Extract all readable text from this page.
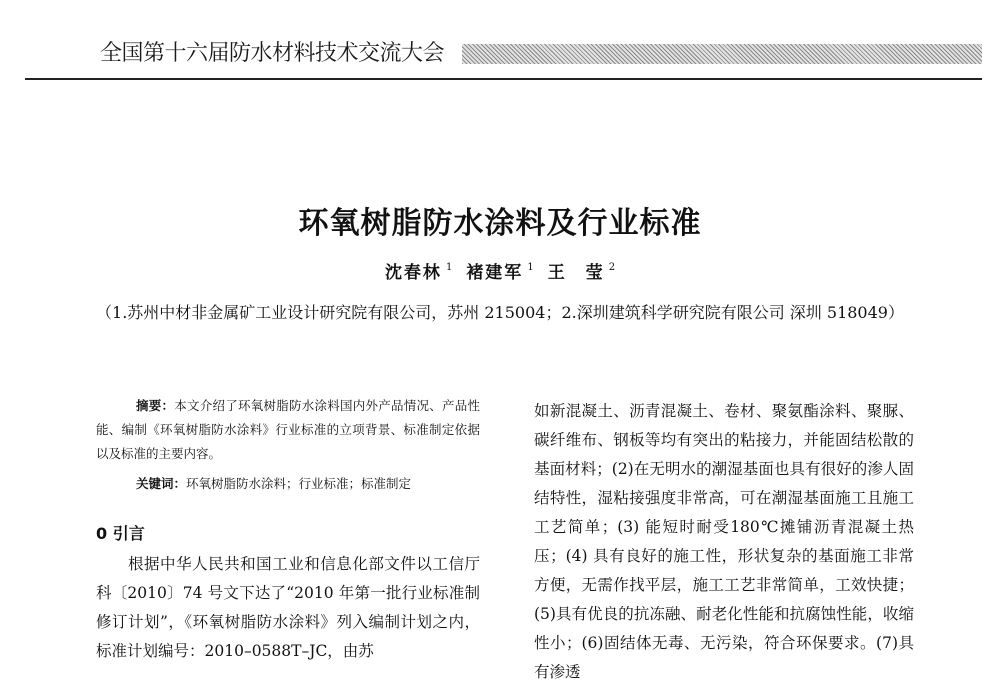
全国第十六届防水材料技术交流大会
环氧树脂防水涂料及行业标准
沈春林 $^1$ 褚建军 $^1$ 王　莹 $^2$
（1.苏州中材非金属矿工业设计研究院有限公司，苏州 215004；2.深圳建筑科学研究院有限公司 深圳 518049）

摘要：本文介绍了环氧树脂防水涂料国内外产品情况、产品性能、编制《环氧树脂防水涂料》行业标准的立项背景、标准制定依据以及标准的主要内容。

关键词：环氧树脂防水涂料；行业标准；标准制定

0 引言

根据中华人民共和国工业和信息化部文件以工信厅科〔2010〕74 号文下达了“2010 年第一批行业标准制修订计划”，《环氧树脂防水涂料》列入编制计划之内，标准计划编号：2010–0588T–JC，由苏

如新混凝土、沥青混凝土、卷材、聚氨酯涂料、聚脲、碳纤维布、钢板等均有突出的粘接力，并能固结松散的基面材料；(2)在无明水的潮湿基面也具有很好的渗人固结特性，湿粘接强度非常高，可在潮湿基面施工且施工工艺简单；(3) 能短时耐受180℃摊铺沥青混凝土热压；(4) 具有良好的施工性，形状复杂的基面施工非常方便，无需作找平层，施工工艺非常简单，工效快捷；(5)具有优良的抗冻融、耐老化性能和抗腐蚀性能，收缩性小；(6)固结体无毒、无污染，符合环保要求。(7)具有渗透
